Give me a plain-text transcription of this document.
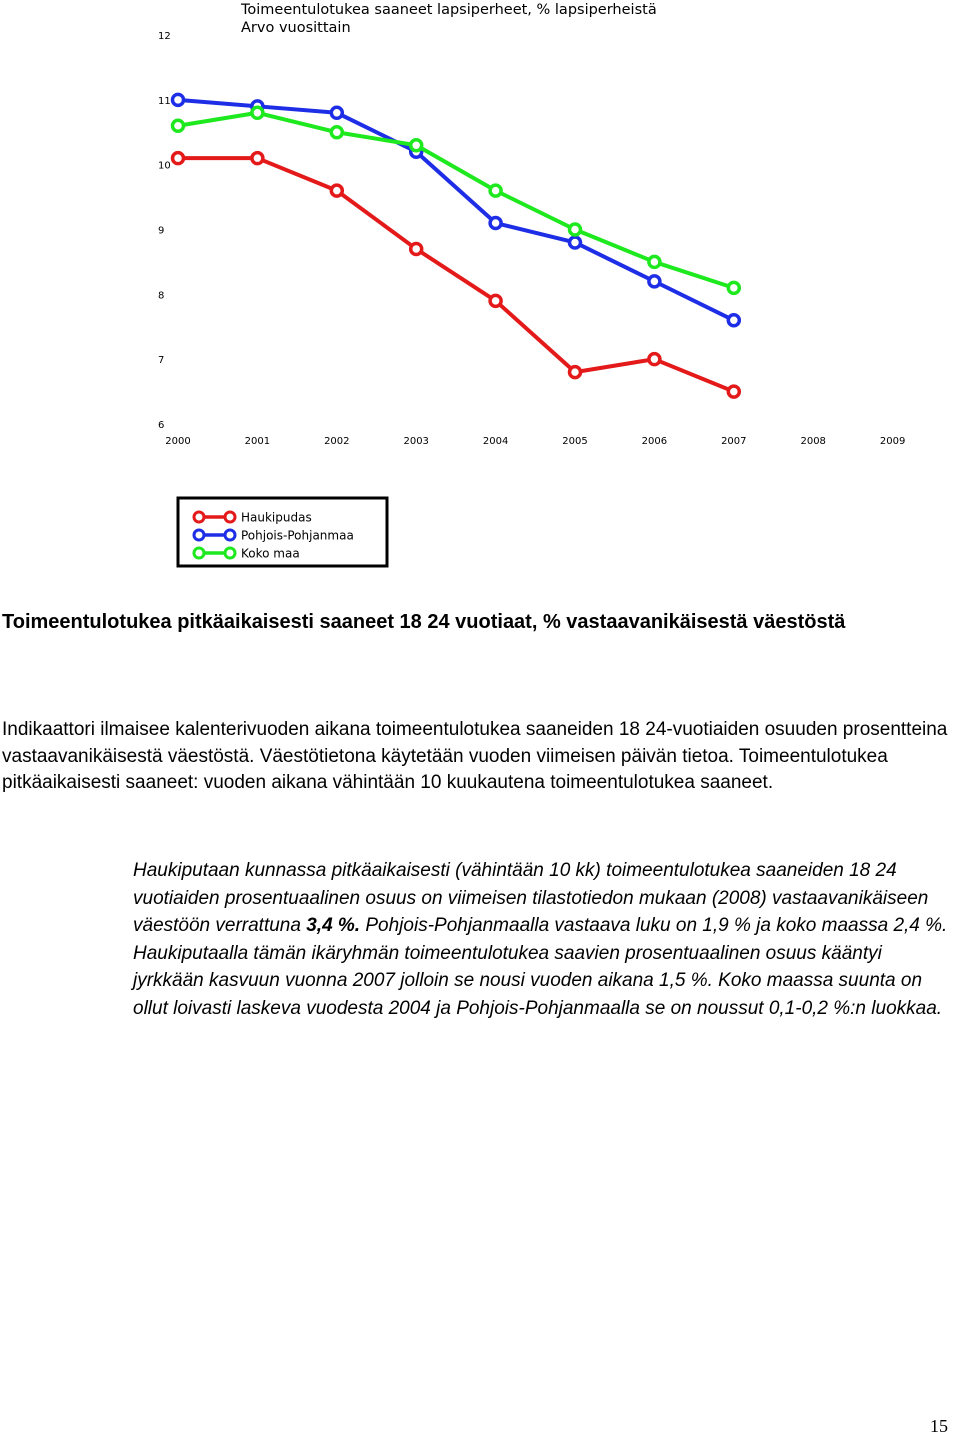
Toimeentulotukea saaneet lapsiperheet, % lapsiperheistä
Arvo vuosittain
6
7
8
9
10
11
12
2000	2001	2002	2003	2004	2005	2006	2007	2008	2009
Haukipudas
Pohjois-Pohjanmaa
Koko maa
Toimeentulotukea pitkäaikaisesti saaneet 18 24 vuotiaat, % vastaavanikäisestä väestöstä

Indikaattori ilmaisee kalenterivuoden aikana toimeentulotukea saaneiden 18 24-vuotiaiden osuuden prosentteina vastaavanikäisestä väestöstä. Väestötietona käytetään vuoden viimeisen päivän tietoa. Toimeentulotukea pitkäaikaisesti saaneet: vuoden aikana vähintään 10 kuukautena toimeentulotukea saaneet.

Haukiputaan kunnassa pitkäaikaisesti (vähintään 10 kk) toimeentulotukea saaneiden 18 24 vuotiaiden prosentuaalinen osuus on viimeisen tilastotiedon mukaan (2008) vastaavanikäiseen väestöön verrattuna 3,4 %. Pohjois-Pohjanmaalla vastaava luku on 1,9 % ja koko maassa 2,4 %. Haukiputaalla tämän ikäryhmän toimeentulotukea saavien prosentuaalinen osuus kääntyi jyrkkään kasvuun vuonna 2007 jolloin se nousi vuoden aikana 1,5 %. Koko maassa suunta on ollut loivasti laskeva vuodesta 2004 ja Pohjois-Pohjanmaalla se on noussut 0,1-0,2 %:n luokkaa.

15
